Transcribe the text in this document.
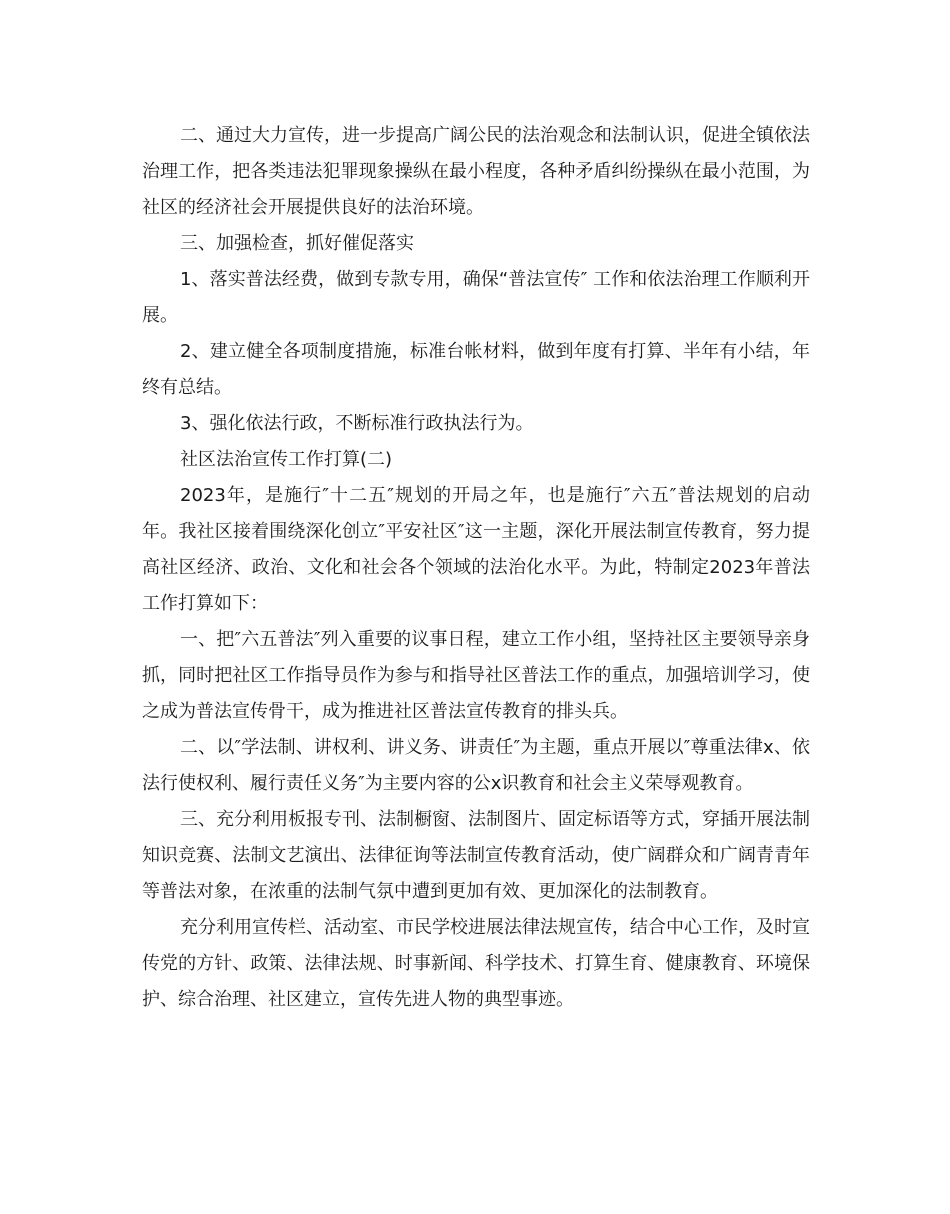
二、通过大力宣传，进一步提高广阔公民的法治观念和法制认识，促进全镇依法治理工作，把各类违法犯罪现象操纵在最小程度，各种矛盾纠纷操纵在最小范围，为社区的经济社会开展提供良好的法治环境。

三、加强检查，抓好催促落实

1、落实普法经费，做到专款专用，确保“普法宣传″ 工作和依法治理工作顺利开展。

2、建立健全各项制度措施，标准台帐材料，做到年度有打算、半年有小结，年终有总结。

3、强化依法行政，不断标准行政执法行为。

社区法治宣传工作打算(二)

2023年，是施行″十二五″规划的开局之年，也是施行″六五″普法规划的启动年。我社区接着围绕深化创立″平安社区″这一主题，深化开展法制宣传教育，努力提高社区经济、政治、文化和社会各个领域的法治化水平。为此，特制定2023年普法工作打算如下：

一、把″六五普法″列入重要的议事日程，建立工作小组，坚持社区主要领导亲身抓，同时把社区工作指导员作为参与和指导社区普法工作的重点，加强培训学习，使之成为普法宣传骨干，成为推进社区普法宣传教育的排头兵。

二、以″学法制、讲权利、讲义务、讲责任″为主题，重点开展以″尊重法律x、依法行使权利、履行责任义务″为主要内容的公x识教育和社会主义荣辱观教育。

三、充分利用板报专刊、法制橱窗、法制图片、固定标语等方式，穿插开展法制知识竞赛、法制文艺演出、法律征询等法制宣传教育活动，使广阔群众和广阔青青年等普法对象，在浓重的法制气氛中遭到更加有效、更加深化的法制教育。

充分利用宣传栏、活动室、市民学校进展法律法规宣传，结合中心工作，及时宣传党的方针、政策、法律法规、时事新闻、科学技术、打算生育、健康教育、环境保护、综合治理、社区建立，宣传先进人物的典型事迹。
